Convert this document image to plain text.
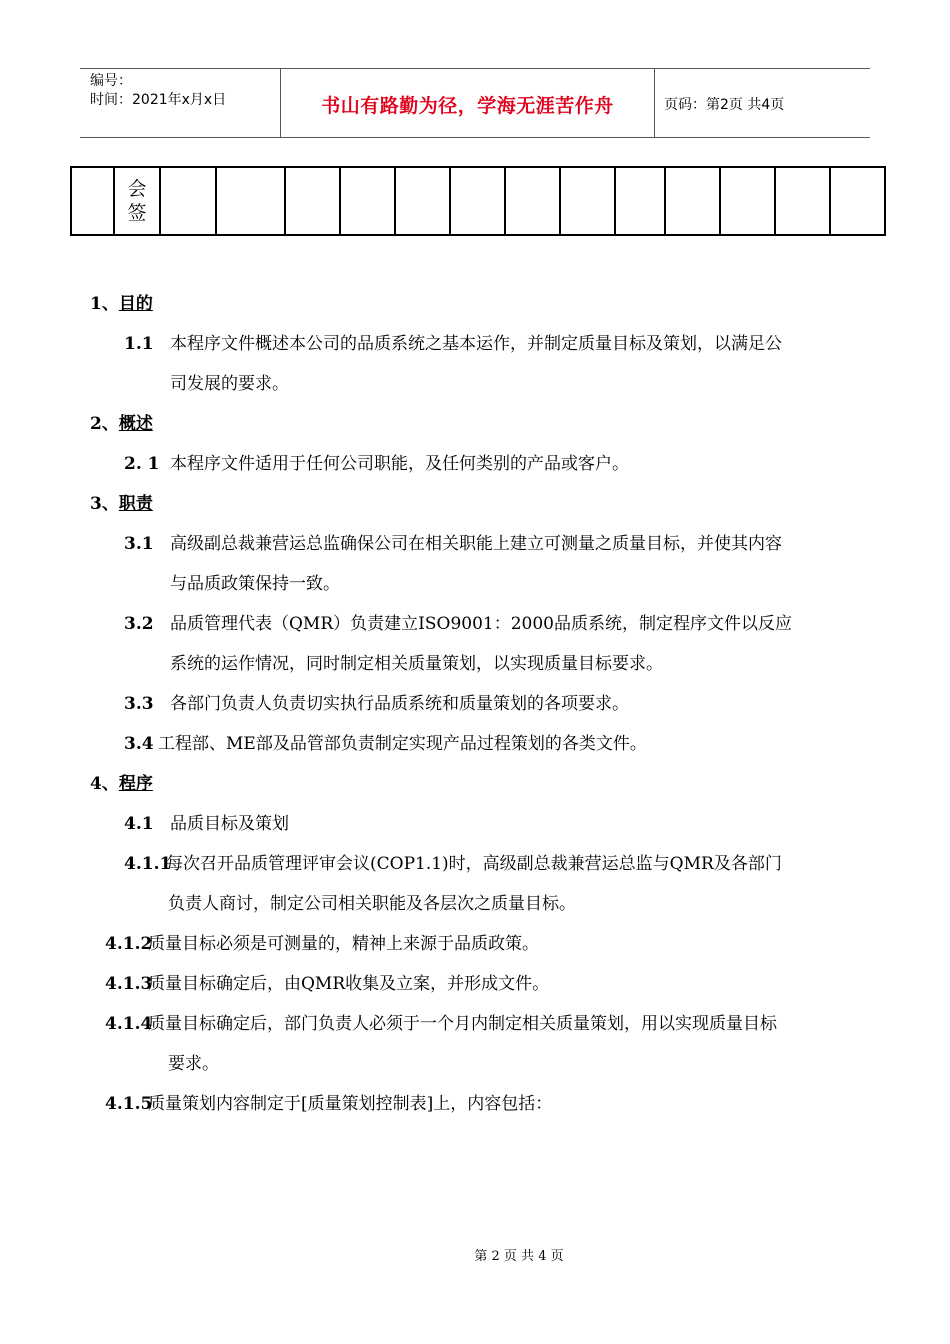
编号：
时间：2021年x月x日	书山有路勤为径，学海无涯苦作舟	页码：第2页 共4页

会
签

1、目的
1.1 本程序文件概述本公司的品质系统之基本运作，并制定质量目标及策划，以满足公
司发展的要求。
2、概述
2. 1 本程序文件适用于任何公司职能，及任何类别的产品或客户。
3、职责
3.1 高级副总裁兼营运总监确保公司在相关职能上建立可测量之质量目标，并使其内容
与品质政策保持一致。
3.2 品质管理代表（QMR）负责建立ISO9001：2000品质系统，制定程序文件以反应
系统的运作情况，同时制定相关质量策划，以实现质量目标要求。
3.3 各部门负责人负责切实执行品质系统和质量策划的各项要求。
3.4 工程部、ME部及品管部负责制定实现产品过程策划的各类文件。
4、程序
4.1 品质目标及策划
4.1.1
每次召开品质管理评审会议(COP1.1)时，高级副总裁兼营运总监与QMR及各部门
负责人商讨，制定公司相关职能及各层次之质量目标。
4.1.2
质量目标必须是可测量的，精神上来源于品质政策。
4.1.3
质量目标确定后，由QMR收集及立案，并形成文件。
4.1.4
质量目标确定后，部门负责人必须于一个月内制定相关质量策划，用以实现质量目标
要求。
4.1.5
质量策划内容制定于[质量策划控制表]上，内容包括：
第 2 页 共 4 页
